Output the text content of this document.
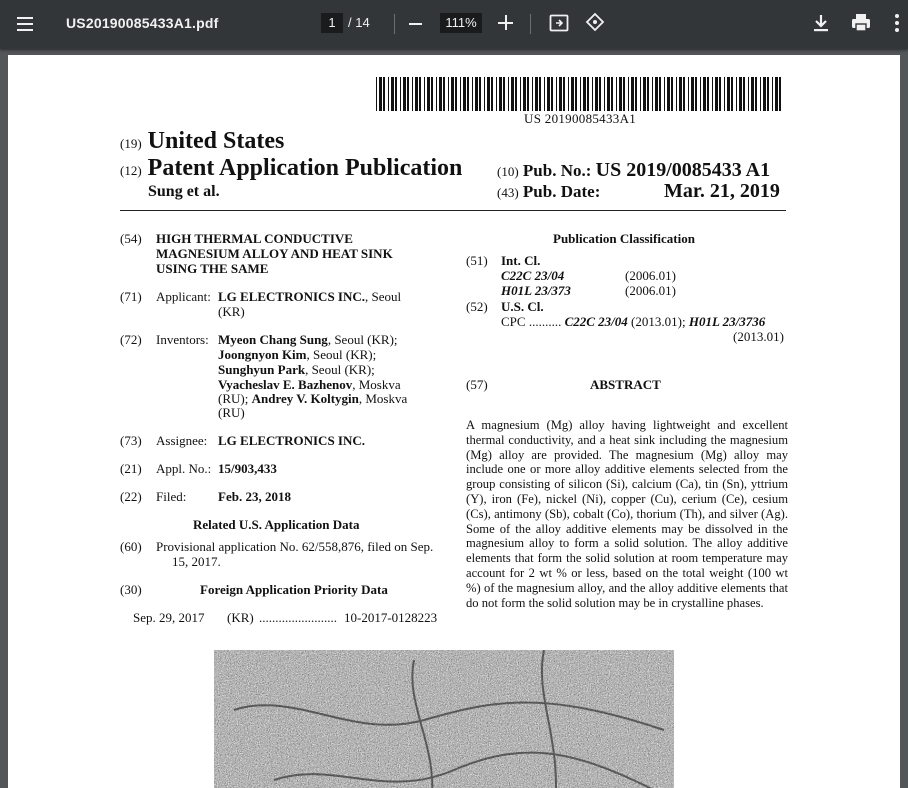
US20190085433A1.pdf	1 / 14	111%
US 20190085433A1
(19) United States
(12) Patent Application Publication
Sung et al.
(10) Pub. No.: US 2019/0085433 A1
(43) Pub. Date:	Mar. 21, 2019
(54) HIGH THERMAL CONDUCTIVE
MAGNESIUM ALLOY AND HEAT SINK
USING THE SAME
(71) Applicant: LG ELECTRONICS INC., Seoul
(KR)
(72) Inventors: Myeon Chang Sung, Seoul (KR);
Joongnyon Kim, Seoul (KR);
Sunghyun Park, Seoul (KR);
Vyacheslav E. Bazhenov, Moskva
(RU); Andrey V. Koltygin, Moskva
(RU)
(73) Assignee: LG ELECTRONICS INC.
(21) Appl. No.: 15/903,433
(22) Filed: Feb. 23, 2018
Related U.S. Application Data
(60) Provisional application No. 62/558,876, filed on Sep.
15, 2017.
(30)	Foreign Application Priority Data
Sep. 29, 2017 (KR) ........................ 10-2017-0128223
Publication Classification
(51) Int. Cl.
C22C 23/04	(2006.01)
H01L 23/373	(2006.01)
(52) U.S. Cl.
CPC .......... C22C 23/04 (2013.01); H01L 23/3736
(2013.01)
(57)	ABSTRACT
A magnesium (Mg) alloy having lightweight and excellent thermal conductivity, and a heat sink including the magnesium (Mg) alloy are provided. The magnesium (Mg) alloy may include one or more alloy additive elements selected from the group consisting of silicon (Si), calcium (Ca), tin (Sn), yttrium (Y), iron (Fe), nickel (Ni), copper (Cu), cerium (Ce), cesium (Cs), antimony (Sb), cobalt (Co), thorium (Th), and silver (Ag). Some of the alloy additive elements may be dissolved in the magnesium alloy to form a solid solution. The alloy additive elements that form the solid solution at room temperature may account for 2 wt % or less, based on the total weight (100 wt %) of the magnesium alloy, and the alloy additive elements that do not form the solid solution may be in crystalline phases.
